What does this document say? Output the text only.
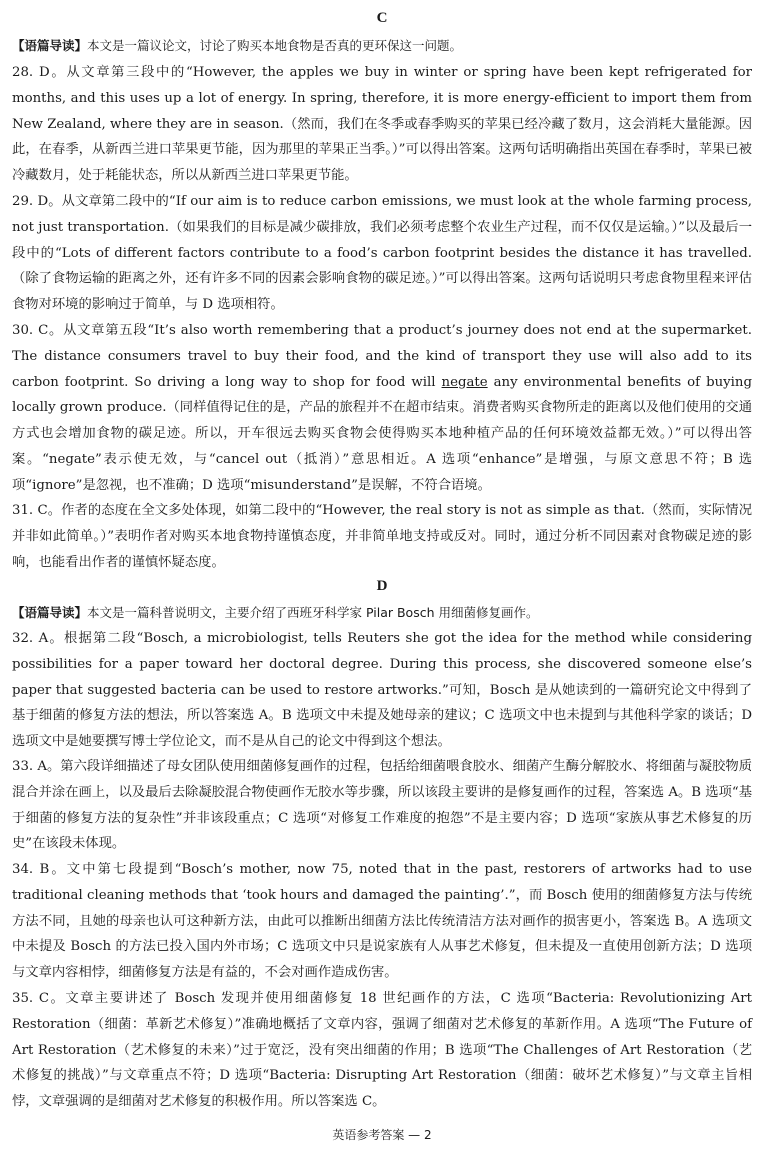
C
【语篇导读】本文是一篇议论文，讨论了购买本地食物是否真的更环保这一问题。
28. D。从文章第三段中的“However, the apples we buy in winter or spring have been kept refrigerated for months, and this uses up a lot of energy. In spring, therefore, it is more energy-efficient to import them from New Zealand, where they are in season.（然而，我们在冬季或春季购买的苹果已经冷藏了数月，这会消耗大量能源。因此，在春季，从新西兰进口苹果更节能，因为那里的苹果正当季。）”可以得出答案。这两句话明确指出英国在春季时，苹果已被冷藏数月，处于耗能状态，所以从新西兰进口苹果更节能。
29. D。从文章第二段中的“If our aim is to reduce carbon emissions, we must look at the whole farming process, not just transportation.（如果我们的目标是减少碳排放，我们必须考虑整个农业生产过程，而不仅仅是运输。）”以及最后一段中的“Lots of different factors contribute to a food’s carbon footprint besides the distance it has travelled.（除了食物运输的距离之外，还有许多不同的因素会影响食物的碳足迹。）”可以得出答案。这两句话说明只考虑食物里程来评估食物对环境的影响过于简单，与 D 选项相符。
30. C。从文章第五段“It’s also worth remembering that a product’s journey does not end at the supermarket. The distance consumers travel to buy their food, and the kind of transport they use will also add to its carbon footprint. So driving a long way to shop for food will negate any environmental benefits of buying locally grown produce.（同样值得记住的是，产品的旅程并不在超市结束。消费者购买食物所走的距离以及他们使用的交通方式也会增加食物的碳足迹。所以，开车很远去购买食物会使得购买本地种植产品的任何环境效益都无效。）”可以得出答案。“negate”表示使无效，与“cancel out（抵消）”意思相近。A 选项“enhance”是增强，与原文意思不符；B 选项“ignore”是忽视，也不准确；D 选项“misunderstand”是误解，不符合语境。
31. C。作者的态度在全文多处体现，如第二段中的“However, the real story is not as simple as that.（然而，实际情况并非如此简单。）”表明作者对购买本地食物持谨慎态度，并非简单地支持或反对。同时，通过分析不同因素对食物碳足迹的影响，也能看出作者的谨慎怀疑态度。
D
【语篇导读】本文是一篇科普说明文，主要介绍了西班牙科学家 Pilar Bosch 用细菌修复画作。
32. A。根据第二段“Bosch, a microbiologist, tells Reuters she got the idea for the method while considering possibilities for a paper toward her doctoral degree. During this process, she discovered someone else’s paper that suggested bacteria can be used to restore artworks.”可知，Bosch 是从她读到的一篇研究论文中得到了基于细菌的修复方法的想法，所以答案选 A。B 选项文中未提及她母亲的建议；C 选项文中也未提到与其他科学家的谈话；D 选项文中是她要撰写博士学位论文，而不是从自己的论文中得到这个想法。
33. A。第六段详细描述了母女团队使用细菌修复画作的过程，包括给细菌喂食胶水、细菌产生酶分解胶水、将细菌与凝胶物质混合并涂在画上，以及最后去除凝胶混合物使画作无胶水等步骤，所以该段主要讲的是修复画作的过程，答案选 A。B 选项“基于细菌的修复方法的复杂性”并非该段重点；C 选项“对修复工作难度的抱怨”不是主要内容；D 选项“家族从事艺术修复的历史”在该段未体现。
34. B。文中第七段提到“Bosch’s mother, now 75, noted that in the past, restorers of artworks had to use traditional cleaning methods that ‘took hours and damaged the painting’.”，而 Bosch 使用的细菌修复方法与传统方法不同，且她的母亲也认可这种新方法，由此可以推断出细菌方法比传统清洁方法对画作的损害更小，答案选 B。A 选项文中未提及 Bosch 的方法已投入国内外市场；C 选项文中只是说家族有人从事艺术修复，但未提及一直使用创新方法；D 选项与文章内容相悖，细菌修复方法是有益的，不会对画作造成伤害。
35. C。文章主要讲述了 Bosch 发现并使用细菌修复 18 世纪画作的方法，C 选项“Bacteria: Revolutionizing Art Restoration（细菌：革新艺术修复）”准确地概括了文章内容，强调了细菌对艺术修复的革新作用。A 选项“The Future of Art Restoration（艺术修复的未来）”过于宽泛，没有突出细菌的作用；B 选项“The Challenges of Art Restoration（艺术修复的挑战）”与文章重点不符；D 选项“Bacteria: Disrupting Art Restoration（细菌：破坏艺术修复）”与文章主旨相悖，文章强调的是细菌对艺术修复的积极作用。所以答案选 C。
英语参考答案 — 2
